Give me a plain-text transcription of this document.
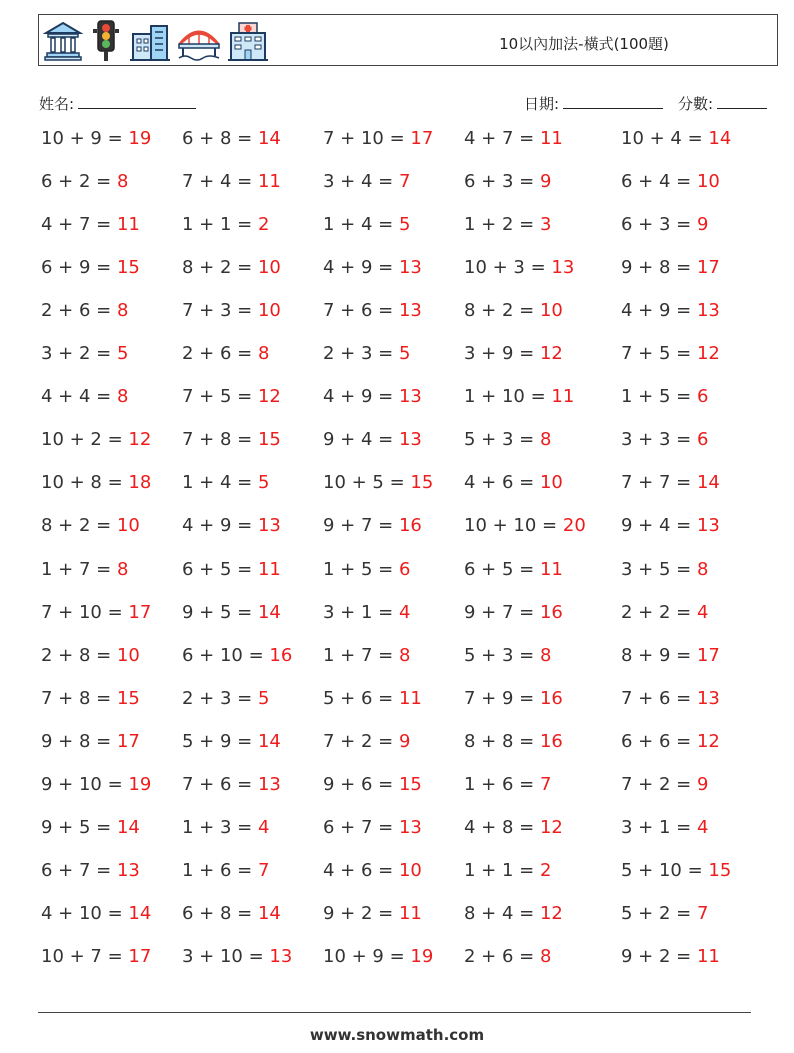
10以內加法-橫式(100題)
姓名:	日期:	分數:
10 + 9 = 19 6 + 8 = 14 7 + 10 = 17 4 + 7 = 11	10 + 4 = 14
6 + 2 = 8	7 + 4 = 11 3 + 4 = 7	6 + 3 = 9	6 + 4 = 10
4 + 7 = 11 1 + 1 = 2	1 + 4 = 5	1 + 2 = 3	6 + 3 = 9
6 + 9 = 15 8 + 2 = 10 4 + 9 = 13 10 + 3 = 13	9 + 8 = 17
2 + 6 = 8	7 + 3 = 10 7 + 6 = 13 8 + 2 = 10	4 + 9 = 13
3 + 2 = 5	2 + 6 = 8	2 + 3 = 5	3 + 9 = 12	7 + 5 = 12
4 + 4 = 8	7 + 5 = 12 4 + 9 = 13 1 + 10 = 11	1 + 5 = 6
10 + 2 = 12 7 + 8 = 15 9 + 4 = 13 5 + 3 = 8	3 + 3 = 6
10 + 8 = 18 1 + 4 = 5	10 + 5 = 15 4 + 6 = 10	7 + 7 = 14
8 + 2 = 10 4 + 9 = 13 9 + 7 = 16 10 + 10 = 20 9 + 4 = 13
1 + 7 = 8	6 + 5 = 11 1 + 5 = 6	6 + 5 = 11	3 + 5 = 8
7 + 10 = 17 9 + 5 = 14 3 + 1 = 4	9 + 7 = 16	2 + 2 = 4
2 + 8 = 10 6 + 10 = 16 1 + 7 = 8	5 + 3 = 8	8 + 9 = 17
7 + 8 = 15 2 + 3 = 5	5 + 6 = 11 7 + 9 = 16	7 + 6 = 13
9 + 8 = 17 5 + 9 = 14 7 + 2 = 9	8 + 8 = 16	6 + 6 = 12
9 + 10 = 19 7 + 6 = 13 9 + 6 = 15 1 + 6 = 7	7 + 2 = 9
9 + 5 = 14 1 + 3 = 4	6 + 7 = 13 4 + 8 = 12	3 + 1 = 4
6 + 7 = 13 1 + 6 = 7	4 + 6 = 10 1 + 1 = 2	5 + 10 = 15
4 + 10 = 14 6 + 8 = 14 9 + 2 = 11 8 + 4 = 12	5 + 2 = 7
10 + 7 = 17 3 + 10 = 13 10 + 9 = 19 2 + 6 = 8	9 + 2 = 11
www.snowmath.com
